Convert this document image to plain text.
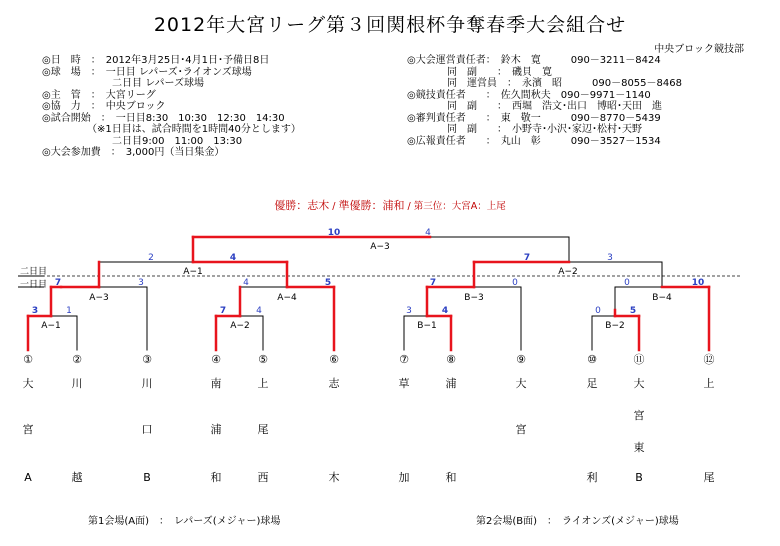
2012年大宮リーグ第３回関根杯争奪春季大会組合せ
中央ブロック競技部
◎日　時　：　2012年3月25日･4月1日･予備日8日
◎球　場　：　一日目 レパーズ･ライオンズ球場
　　　　　　　二日目 レパーズ球場
◎主　管　：　大宮リーグ
◎協　力　：　中央ブロック
◎試合開始　：　一日目8:30　10:30　12:30　14:30
　　　　　（※1日目は、試合時間を1時間40分とします）
　　　　　　　二日目9:00　11:00　13:30
◎大会参加費　：　3,000円（当日集金）
◎大会運営責任者：　鈴木　寛　　　090－3211－8424
　　　　同　副　　：　磯貝　寛
　　　　同　運営員　：　永濱　昭　　　090－8055－8468
◎競技責任者　　：　佐久間秋夫　090－9971－1140
　　　　同　副　　：　西堀　浩文･出口　博昭･天田　進
◎審判責任者　　：　東　敬一　　　090－8770－5439
　　　　同　副　　：　小野寺･小沢･家辺･松村･天野
◎広報責任者　　：　丸山　彰　　　090－3527－1534
優勝：志木 / 準優勝：浦和 / 第三位：大宮A：上尾
二日目
一日目
A−3
A−1	A−2
A−3	A−4	B−3	B−4
A−1	A−2	B−1	B−2
10	4
2	4	7	3
7	3	4	5	7	0	0	10
3	1	7	4	3	4	0	5
①	②	③	④	⑤	⑥	⑦	⑧	⑨	⑩	⑪	⑫
大
宮
A
川
越
川
口
B
南
浦
和
上
尾
西
志
木
草
加
浦
和
大
宮
足
利
大
宮
東
B
上
尾
第1会場(A面)　：　レパーズ(メジャー)球場	第2会場(B面)　：　ライオンズ(メジャー)球場
